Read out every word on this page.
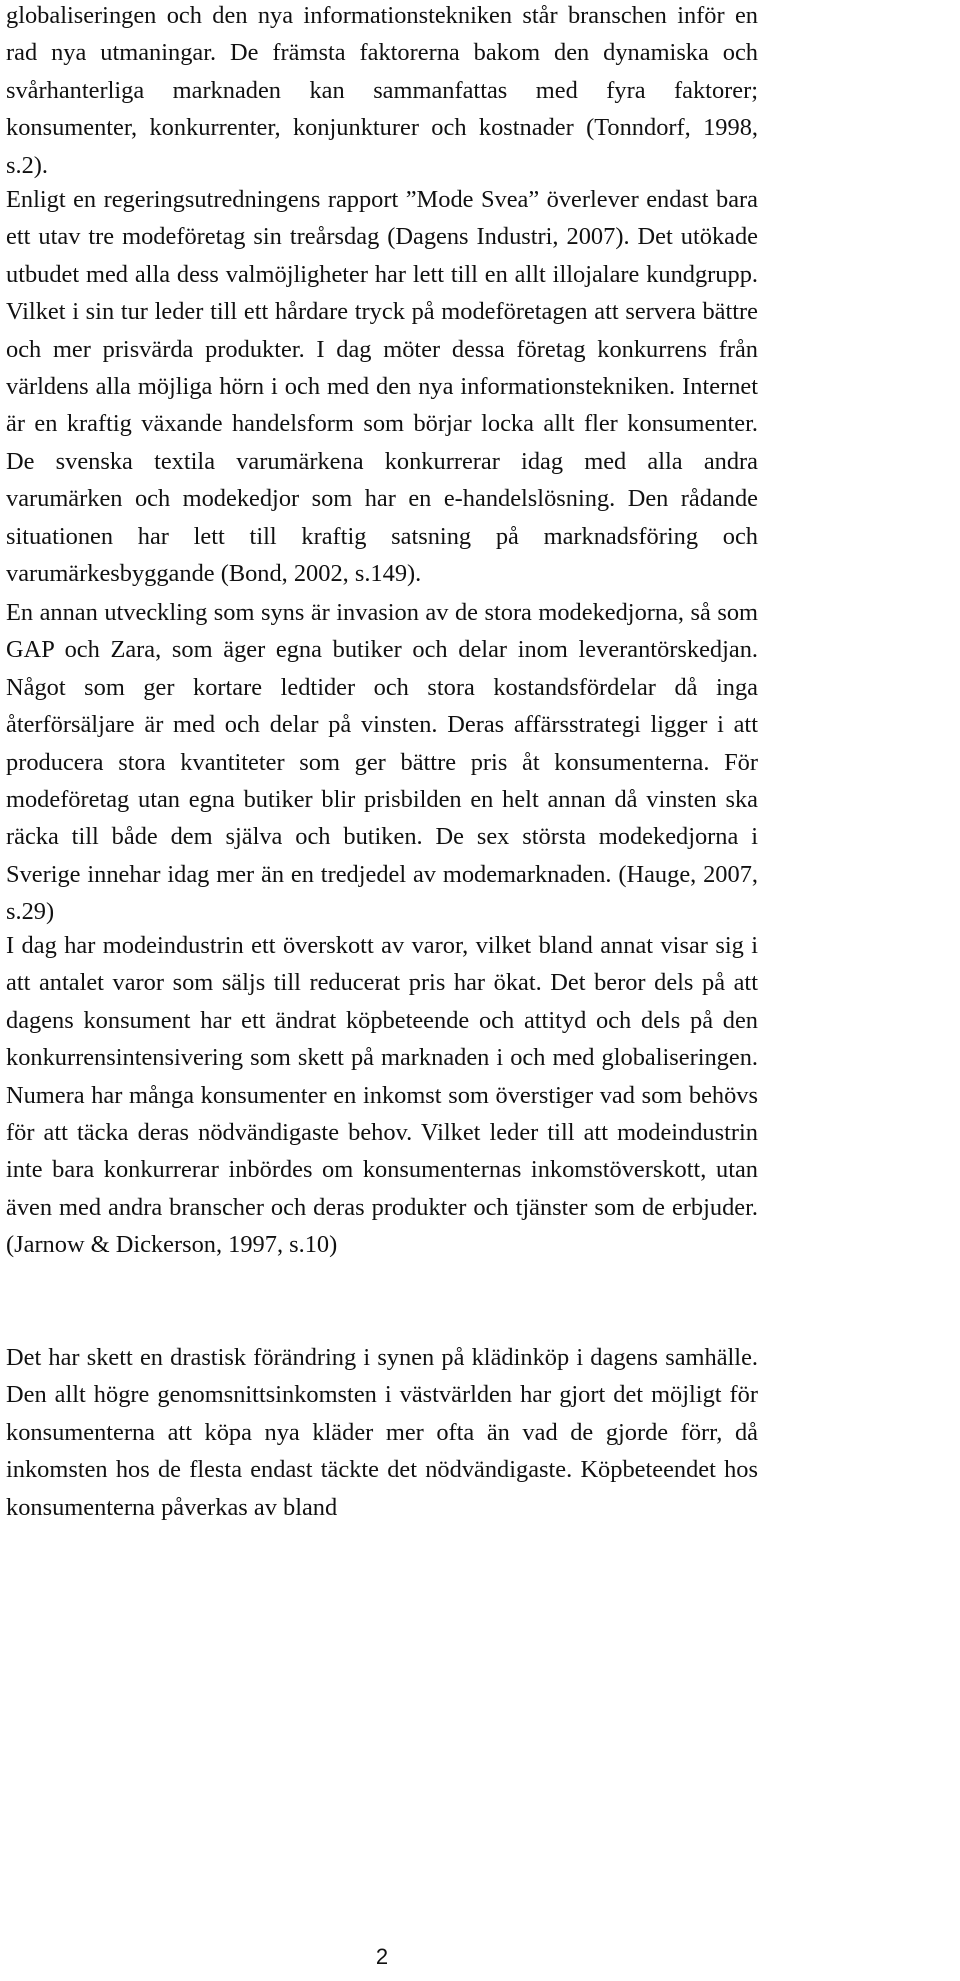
globaliseringen och den nya informationstekniken står branschen inför en rad nya utmaningar. De främsta faktorerna bakom den dynamiska och svårhanterliga marknaden kan sammanfattas med fyra faktorer; konsumenter, konkurrenter, konjunkturer och kostnader (Tonndorf, 1998, s.2).

Enligt en regeringsutredningens rapport ”Mode Svea” överlever endast bara ett utav tre modeföretag sin treårsdag (Dagens Industri, 2007). Det utökade utbudet med alla dess valmöjligheter har lett till en allt illojalare kundgrupp. Vilket i sin tur leder till ett hårdare tryck på modeföretagen att servera bättre och mer prisvärda produkter. I dag möter dessa företag konkurrens från världens alla möjliga hörn i och med den nya informationstekniken. Internet är en kraftig växande handelsform som börjar locka allt fler konsumenter. De svenska textila varumärkena konkurrerar idag med alla andra varumärken och modekedjor som har en e-handelslösning. Den rådande situationen har lett till kraftig satsning på marknadsföring och varumärkesbyggande (Bond, 2002, s.149).

En annan utveckling som syns är invasion av de stora modekedjorna, så som GAP och Zara, som äger egna butiker och delar inom leverantörskedjan. Något som ger kortare ledtider och stora kostandsfördelar då inga återförsäljare är med och delar på vinsten. Deras affärsstrategi ligger i att producera stora kvantiteter som ger bättre pris åt konsumenterna. För modeföretag utan egna butiker blir prisbilden en helt annan då vinsten ska räcka till både dem själva och butiken. De sex största modekedjorna i Sverige innehar idag mer än en tredjedel av modemarknaden. (Hauge, 2007, s.29)

I dag har modeindustrin ett överskott av varor, vilket bland annat visar sig i att antalet varor som säljs till reducerat pris har ökat. Det beror dels på att dagens konsument har ett ändrat köpbeteende och attityd och dels på den konkurrensintensivering som skett på marknaden i och med globaliseringen. Numera har många konsumenter en inkomst som överstiger vad som behövs för att täcka deras nödvändigaste behov. Vilket leder till att modeindustrin inte bara konkurrerar inbördes om konsumenternas inkomstöverskott, utan även med andra branscher och deras produkter och tjänster som de erbjuder. (Jarnow & Dickerson, 1997, s.10)

Det har skett en drastisk förändring i synen på klädinköp i dagens samhälle. Den allt högre genomsnittsinkomsten i västvärlden har gjort det möjligt för konsumenterna att köpa nya kläder mer ofta än vad de gjorde förr, då inkomsten hos de flesta endast täckte det nödvändigaste. Köpbeteendet hos konsumenterna påverkas av bland

2
